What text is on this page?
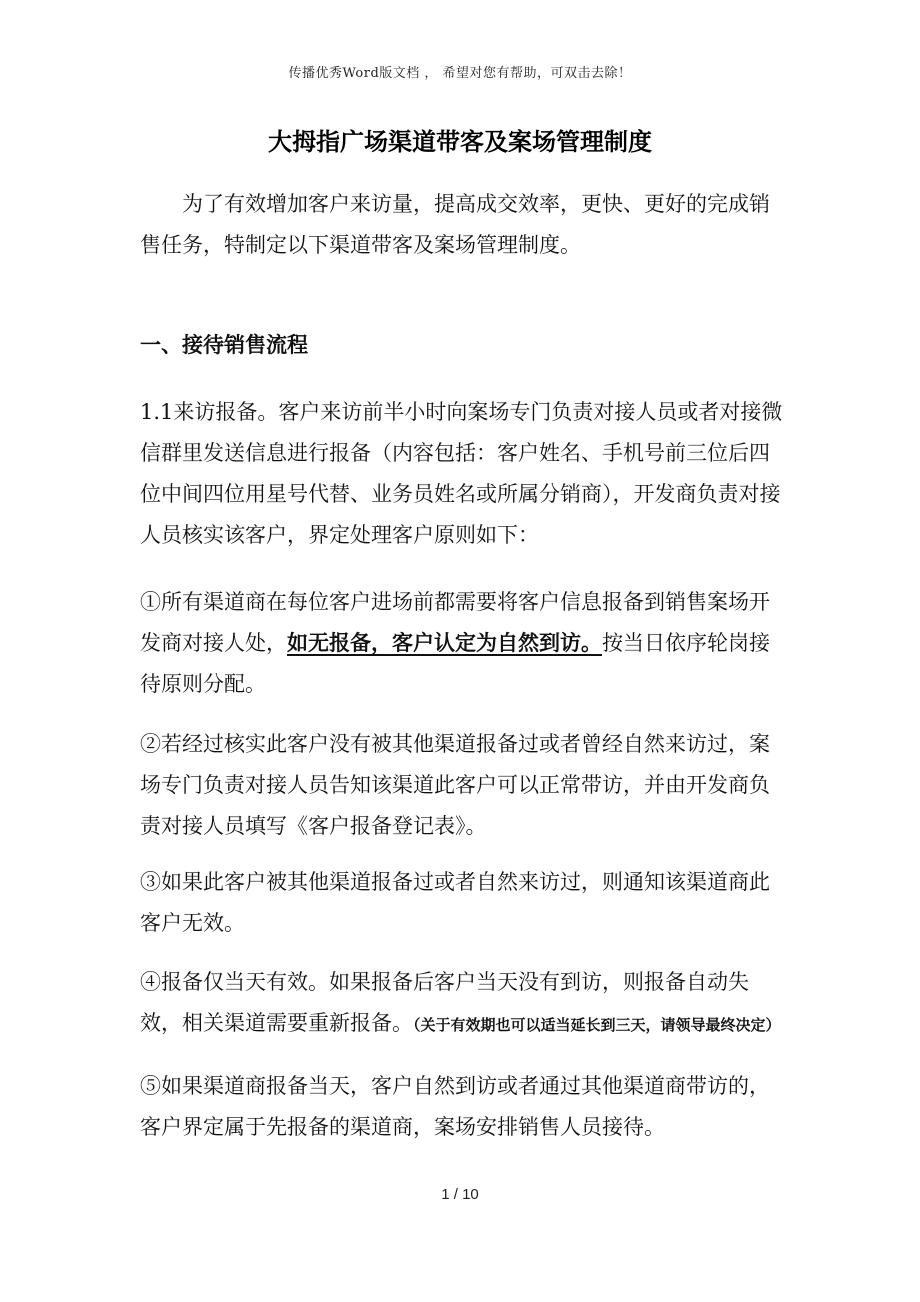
传播优秀Word版文档 ， 希望对您有帮助，可双击去除！
大拇指广场渠道带客及案场管理制度

为了有效增加客户来访量，提高成交效率，更快、更好的完成销售任务，特制定以下渠道带客及案场管理制度。

一、接待销售流程

1.1来访报备。客户来访前半小时向案场专门负责对接人员或者对接微信群里发送信息进行报备（内容包括：客户姓名、手机号前三位后四位中间四位用星号代替、业务员姓名或所属分销商），开发商负责对接人员核实该客户，界定处理客户原则如下：

①所有渠道商在每位客户进场前都需要将客户信息报备到销售案场开发商对接人处，如无报备，客户认定为自然到访。按当日依序轮岗接待原则分配。

②若经过核实此客户没有被其他渠道报备过或者曾经自然来访过，案场专门负责对接人员告知该渠道此客户可以正常带访，并由开发商负责对接人员填写《客户报备登记表》。

③如果此客户被其他渠道报备过或者自然来访过，则通知该渠道商此客户无效。

④报备仅当天有效。如果报备后客户当天没有到访，则报备自动失效，相关渠道需要重新报备。（关于有效期也可以适当延长到三天，请领导最终决定）

⑤如果渠道商报备当天，客户自然到访或者通过其他渠道商带访的，客户界定属于先报备的渠道商，案场安排销售人员接待。

1 / 10
